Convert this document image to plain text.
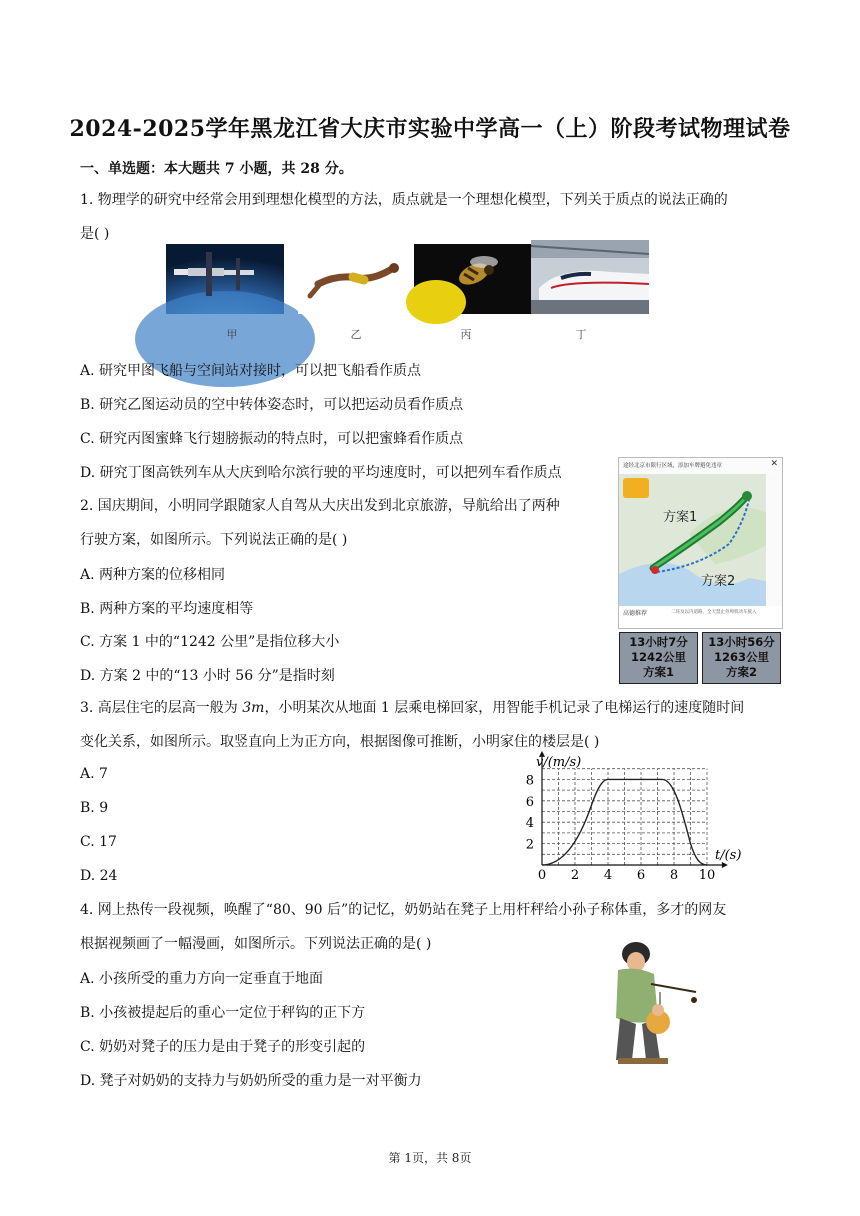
2024-2025学年黑龙江省大庆市实验中学高一（上）阶段考试物理试卷
一、单选题：本大题共 7 小题，共 28 分。
1. 物理学的研究中经常会用到理想化模型的方法，质点就是一个理想化模型，下列关于质点的说法正确的
是( )
甲	乙	丙	丁
A. 研究甲图飞船与空间站对接时，可以把飞船看作质点
B. 研究乙图运动员的空中转体姿态时，可以把运动员看作质点
C. 研究丙图蜜蜂飞行翅膀振动的特点时，可以把蜜蜂看作质点
D. 研究丁图高铁列车从大庆到哈尔滨行驶的平均速度时，可以把列车看作质点
2. 国庆期间，小明同学跟随家人自驾从大庆出发到北京旅游，导航给出了两种
行驶方案，如图所示。下列说法正确的是( )
A. 两种方案的位移相同
B. 两种方案的平均速度相等
C. 方案 1 中的“1242 公里”是指位移大小
D. 方案 2 中的“13 小时 56 分”是指时刻
途经北京市限行区域，添加车牌避免违章	✕
方案1
方案2
高德推荐	二环及以内道路，全天禁止外埠机动车驶入
13小时7分
1242公里
方案1
13小时56分
1263公里
方案2
3. 高层住宅的层高一般为 3m，小明某次从地面 1 层乘电梯回家，用智能手机记录了电梯运行的速度随时间
变化关系，如图所示。取竖直向上为正方向，根据图像可推断，小明家住的楼层是( )
A. 7
B. 9
C. 17
D. 24	0 2 4 6 8 10
8
6
4
2
v/(m/s)
t/(s)
4. 网上热传一段视频，唤醒了“80、90 后”的记忆，奶奶站在凳子上用杆秤给小孙子称体重，多才的网友
根据视频画了一幅漫画，如图所示。下列说法正确的是( )
A. 小孩所受的重力方向一定垂直于地面
B. 小孩被提起后的重心一定位于秤钩的正下方
C. 奶奶对凳子的压力是由于凳子的形变引起的
D. 凳子对奶奶的支持力与奶奶所受的重力是一对平衡力
第 1页，共 8页
